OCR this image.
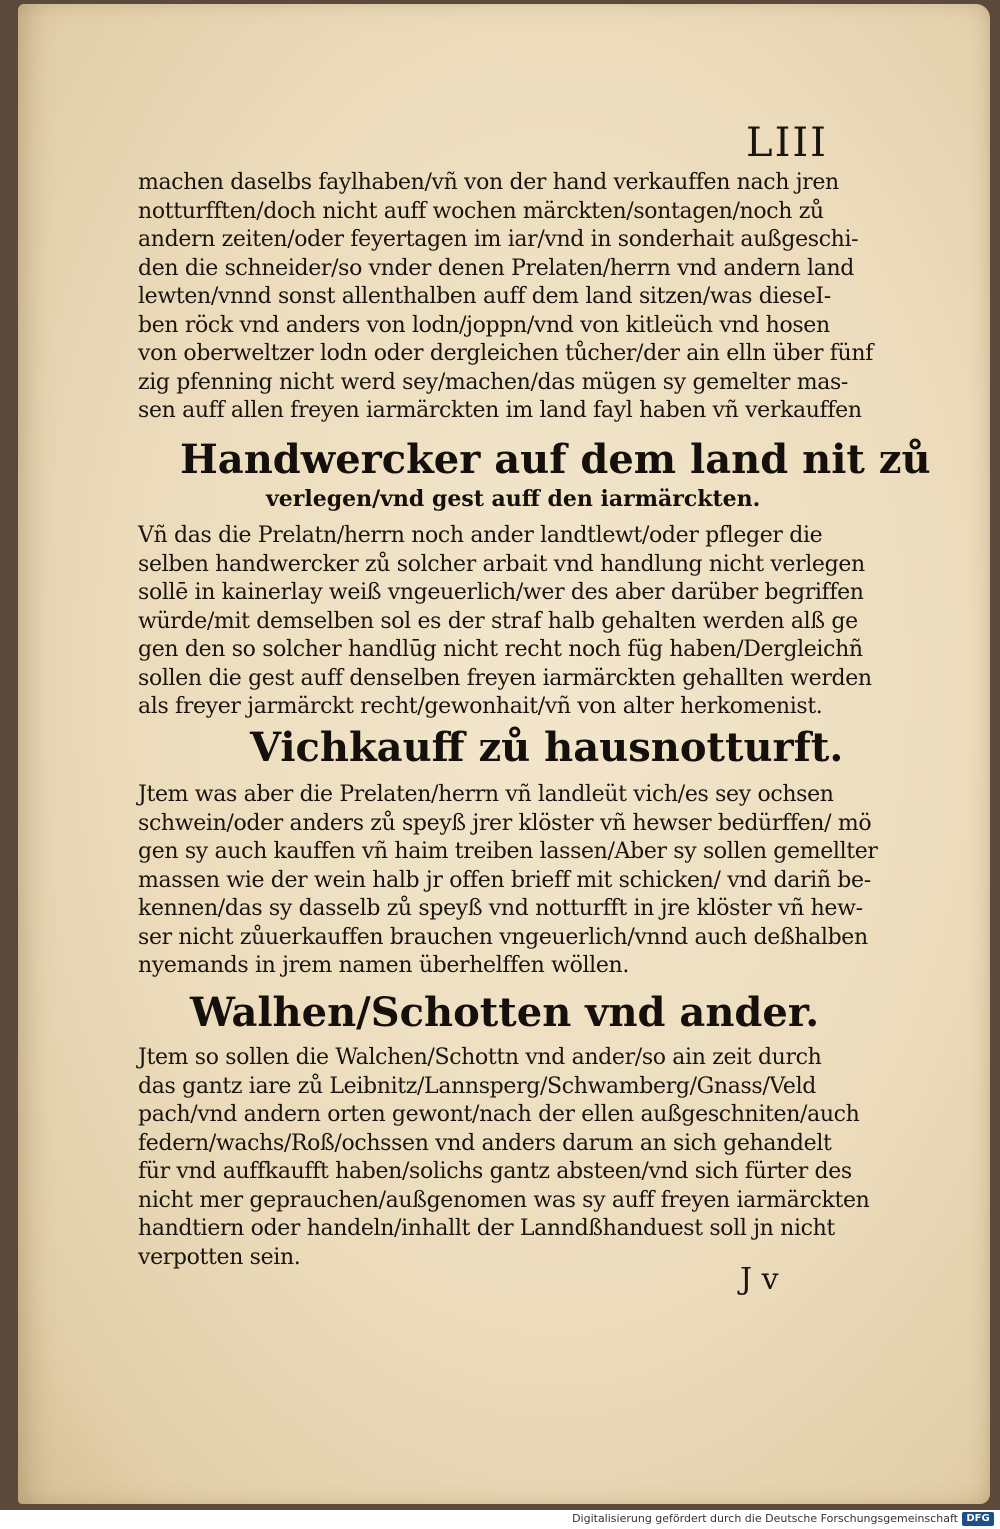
LIII
machen daselbs faylhaben/vñ von der hand verkauffen nach jren
notturfften/doch nicht auff wochen märckten/sontagen/noch zů
andern zeiten/oder feyertagen im iar/vnd in sonderhait außgeschi-
den die schneider/so vnder denen Prelaten/herrn vnd andern land
lewten/vnnd sonst allenthalben auff dem land sitzen/was dieseI-
ben röck vnd anders von lodn/joppn/vnd von kitleüch vnd hosen
von oberweltzer lodn oder dergleichen tůcher/der ain elln über fünf
zig pfenning nicht werd sey/machen/das mügen sy gemelter mas-
sen auff allen freyen iarmärckten im land fayl haben vñ verkauffen
Handwercker auf dem land nit zů
verlegen/vnd gest auff den iarmärckten.
Vñ das die Prelatn/herrn noch ander landtlewt/oder pfleger die
selben handwercker zů solcher arbait vnd handlung nicht verlegen
sollē in kainerlay weiß vngeuerlich/wer des aber darüber begriffen
würde/mit demselben sol es der straf halb gehalten werden alß ge
gen den so solcher handlūg nicht recht noch füg haben/Dergleichñ
sollen die gest auff denselben freyen iarmärckten gehallten werden
als freyer jarmärckt recht/gewonhait/vñ von alter herkomenist.
Vichkauff zů hausnotturft.
Jtem was aber die Prelaten/herrn vñ landleüt vich/es sey ochsen
schwein/oder anders zů speyß jrer klöster vñ hewser bedürffen/ mö
gen sy auch kauffen vñ haim treiben lassen/Aber sy sollen gemellter
massen wie der wein halb jr offen brieff mit schicken/ vnd dariñ be-
kennen/das sy dasselb zů speyß vnd notturfft in jre klöster vñ hew-
ser nicht zůuerkauffen brauchen vngeuerlich/vnnd auch deßhalben
nyemands in jrem namen überhelffen wöllen.
Walhen/Schotten vnd ander.
Jtem so sollen die Walchen/Schottn vnd ander/so ain zeit durch
das gantz iare zů Leibnitz/Lannsperg/Schwamberg/Gnass/Veld
pach/vnd andern orten gewont/nach der ellen außgeschniten/auch
federn/wachs/Roß/ochssen vnd anders darum an sich gehandelt
für vnd auffkaufft haben/solichs gantz absteen/vnd sich fürter des
nicht mer geprauchen/außgenomen was sy auff freyen iarmärckten
handtiern oder handeln/inhallt der Lanndßhanduest soll jn nicht
verpotten sein.
J v
Digitalisierung gefördert durch die Deutsche Forschungsgemeinschaft DFG
